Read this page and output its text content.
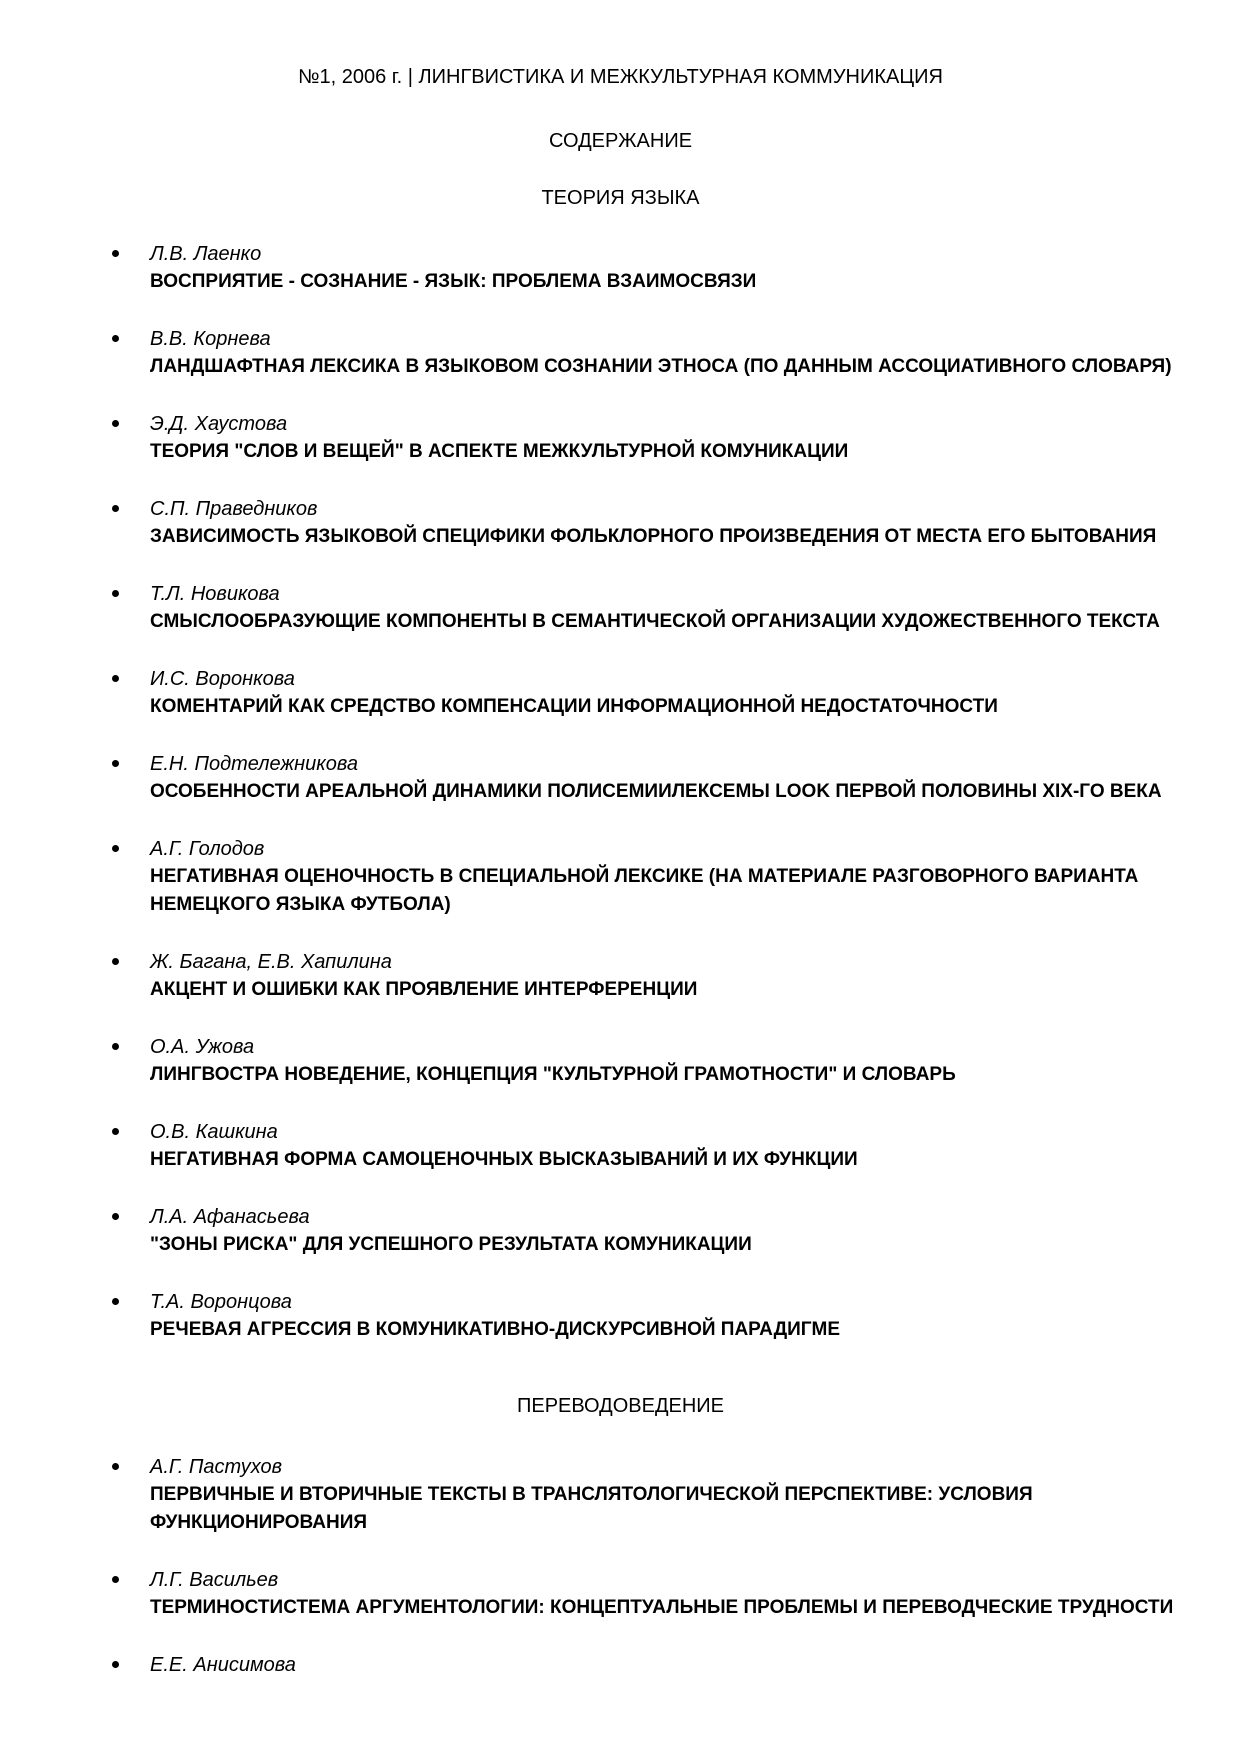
№1, 2006 г. | ЛИНГВИСТИКА И МЕЖКУЛЬТУРНАЯ КОММУНИКАЦИЯ
СОДЕРЖАНИЕ
ТЕОРИЯ ЯЗЫКА
Л.В. Лаенко
ВОСПРИЯТИЕ - СОЗНАНИЕ - ЯЗЫК: ПРОБЛЕМА ВЗАИМОСВЯЗИ
В.В. Корнева
ЛАНДШАФТНАЯ ЛЕКСИКА В ЯЗЫКОВОМ СОЗНАНИИ ЭТНОСА (ПО ДАННЫМ АССОЦИАТИВНОГО СЛОВАРЯ)
Э.Д. Хаустова
ТЕОРИЯ "СЛОВ И ВЕЩЕЙ" В АСПЕКТЕ МЕЖКУЛЬТУРНОЙ КОМУНИКАЦИИ
С.П. Праведников
ЗАВИСИМОСТЬ ЯЗЫКОВОЙ СПЕЦИФИКИ ФОЛЬКЛОРНОГО ПРОИЗВЕДЕНИЯ ОТ МЕСТА ЕГО БЫТОВАНИЯ
Т.Л. Новикова
СМЫСЛООБРАЗУЮЩИЕ КОМПОНЕНТЫ В СЕМАНТИЧЕСКОЙ ОРГАНИЗАЦИИ ХУДОЖЕСТВЕННОГО ТЕКСТА
И.С. Воронкова
КОМЕНТАРИЙ КАК СРЕДСТВО КОМПЕНСАЦИИ ИНФОРМАЦИОННОЙ НЕДОСТАТОЧНОСТИ
Е.Н. Подтележникова
ОСОБЕННОСТИ АРЕАЛЬНОЙ ДИНАМИКИ ПОЛИСЕМИИЛЕКСЕМЫ LOOK ПЕРВОЙ ПОЛОВИНЫ XIX-ГО ВЕКА
А.Г. Голодов
НЕГАТИВНАЯ ОЦЕНОЧНОСТЬ В СПЕЦИАЛЬНОЙ ЛЕКСИКЕ (НА МАТЕРИАЛЕ РАЗГОВОРНОГО ВАРИАНТА НЕМЕЦКОГО ЯЗЫКА ФУТБОЛА)
Ж. Багана, Е.В. Хапилина
АКЦЕНТ И ОШИБКИ КАК ПРОЯВЛЕНИЕ ИНТЕРФЕРЕНЦИИ
О.А. Ужова
ЛИНГВОСТРА НОВЕДЕНИЕ, КОНЦЕПЦИЯ "КУЛЬТУРНОЙ ГРАМОТНОСТИ" И СЛОВАРЬ
О.В. Кашкина
НЕГАТИВНАЯ ФОРМА САМОЦЕНОЧНЫХ ВЫСКАЗЫВАНИЙ И ИХ ФУНКЦИИ
Л.А. Афанасьева
"ЗОНЫ РИСКА" ДЛЯ УСПЕШНОГО РЕЗУЛЬТАТА КОМУНИКАЦИИ
Т.А. Воронцова
РЕЧЕВАЯ АГРЕССИЯ В КОМУНИКАТИВНО-ДИСКУРСИВНОЙ ПАРАДИГМЕ
ПЕРЕВОДОВЕДЕНИЕ
А.Г. Пастухов
ПЕРВИЧНЫЕ И ВТОРИЧНЫЕ ТЕКСТЫ В ТРАНСЛЯТОЛОГИЧЕСКОЙ ПЕРСПЕКТИВЕ: УСЛОВИЯ ФУНКЦИОНИРОВАНИЯ
Л.Г. Васильев
ТЕРМИНОСТИСТЕМА АРГУМЕНТОЛОГИИ: КОНЦЕПТУАЛЬНЫЕ ПРОБЛЕМЫ И ПЕРЕВОДЧЕСКИЕ ТРУДНОСТИ
Е.Е. Анисимова
